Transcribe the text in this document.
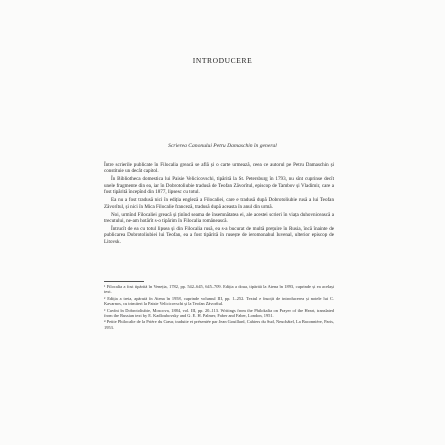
INTRODUCERE
Scrierea Canonului Petru Damaschin în general

Între scrierile publicate în Filocalia greacă se află și o carte urmează, ceea ce autorul pe Petru Damaschin și constituie un decât capitol.

În Bibliotheca domestica lui Paisie Velicicovschi, tipărită la St. Petersburg în 1793, nu sînt cuprinse decît unele fragmente din ea, iar în Dobrotoliubie tradusă de Teofan Zăvorîtul, episcop de Tambov și Vladimir, care a fost tipărită începînd din 1877, lipsesc cu totul.

Ea nu a fost tradusă nici în ediția engleză a Filocaliei, care e tradusă după Dobrotoliubie rusă a lui Teofan Zăvorîtul, și nici în Mica Filocalie franceză, tradusă după aceasta în anul din urmă.

Noi, urmînd Filocaliei greacă și ținînd seama de însemnătatea ei, ale acestei scrieri în viața duhovnicească a trecutului, ne-am hotărît s-o tipărim în Filocalia românească.

Întrucît de ea cu totul lipsea și din Filocalia rusă, ea s-a bucurat de multă prețuire în Rusia, încă înainte de publicarea Dobrotoliubiei lui Teofan, ea a fost tipărită în rusește de ieromonahul Iuvenal, ulterior episcop de Litovsk.

¹ Filocalia a fost tipărită în Veneția, 1782, pp. 542–645, 645–709. Ediția a doua, tipărită la Atena în 1893, cuprinde și ea același text.

² Ediția a treia, apărută în Atena în 1958, cuprinde volumul III, pp. 1–252. Textul e însoțit de introducerea și notele lui C. Kavarnos, cu trimiteri la Paisie Velicicovschi și la Teofan Zăvorîtul.

³ Cuvînt în Dobrotoliubie, Moscova, 1884, vol. III, pp. 20–113. Writings from the Philokalia on Prayer of the Heart, translated from the Russian text by E. Kadloubovsky and G. E. H. Palmer, Faber and Faber, London, 1951.

⁴ Petite Philocalie de la Prière du Cœur, traduite et présentée par Jean Gouillard, Cahiers du Sud, Neuchâtel, La Baconnière, Paris, 1953.
